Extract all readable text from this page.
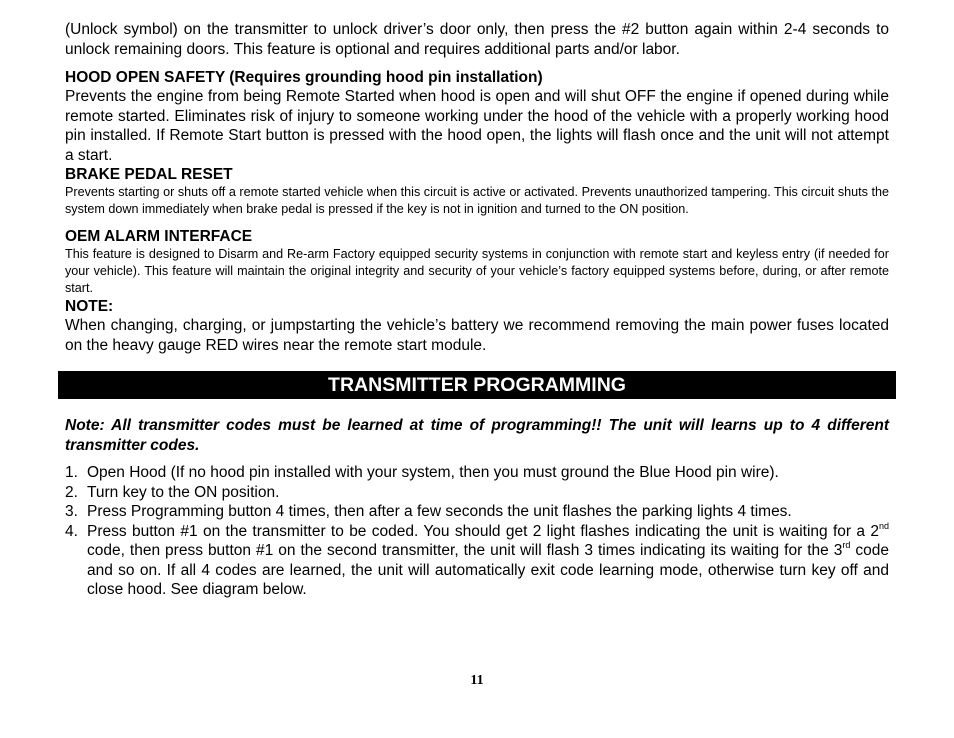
(Unlock symbol) on the transmitter to unlock driver’s door only, then press the #2 button again within 2-4 seconds to unlock remaining doors. This feature is optional and requires additional parts and/or labor.

HOOD OPEN SAFETY (Requires grounding hood pin installation)

Prevents the engine from being Remote Started when hood is open and will shut OFF the engine if opened during while remote started. Eliminates risk of injury to someone working under the hood of the vehicle with a properly working hood pin installed. If Remote Start button is pressed with the hood open, the lights will flash once and the unit will not attempt a start.

BRAKE PEDAL RESET

Prevents starting or shuts off a remote started vehicle when this circuit is active or activated. Prevents unauthorized tampering. This circuit shuts the system down immediately when brake pedal is pressed if the key is not in ignition and turned to the ON position.

OEM ALARM INTERFACE

This feature is designed to Disarm and Re-arm Factory equipped security systems in conjunction with remote start and keyless entry (if needed for your vehicle). This feature will maintain the original integrity and security of your vehicle’s factory equipped systems before, during, or after remote start.

NOTE:

When changing, charging, or jumpstarting the vehicle’s battery we recommend removing the main power fuses located on the heavy gauge RED wires near the remote start module.

TRANSMITTER PROGRAMMING

Note: All transmitter codes must be learned at time of programming!! The unit will learns up to 4 different transmitter codes.

1. Open Hood (If no hood pin installed with your system, then you must ground the Blue Hood pin wire).
2. Turn key to the ON position.
3. Press Programming button 4 times, then after a few seconds the unit flashes the parking lights 4 times.
4. Press button #1 on the transmitter to be coded. You should get 2 light flashes indicating the unit is waiting for a 2nd code, then press button #1 on the second transmitter, the unit will flash 3 times indicating its waiting for the 3rd code and so on. If all 4 codes are learned, the unit will automatically exit code learning mode, otherwise turn key off and close hood. See diagram below.
11
